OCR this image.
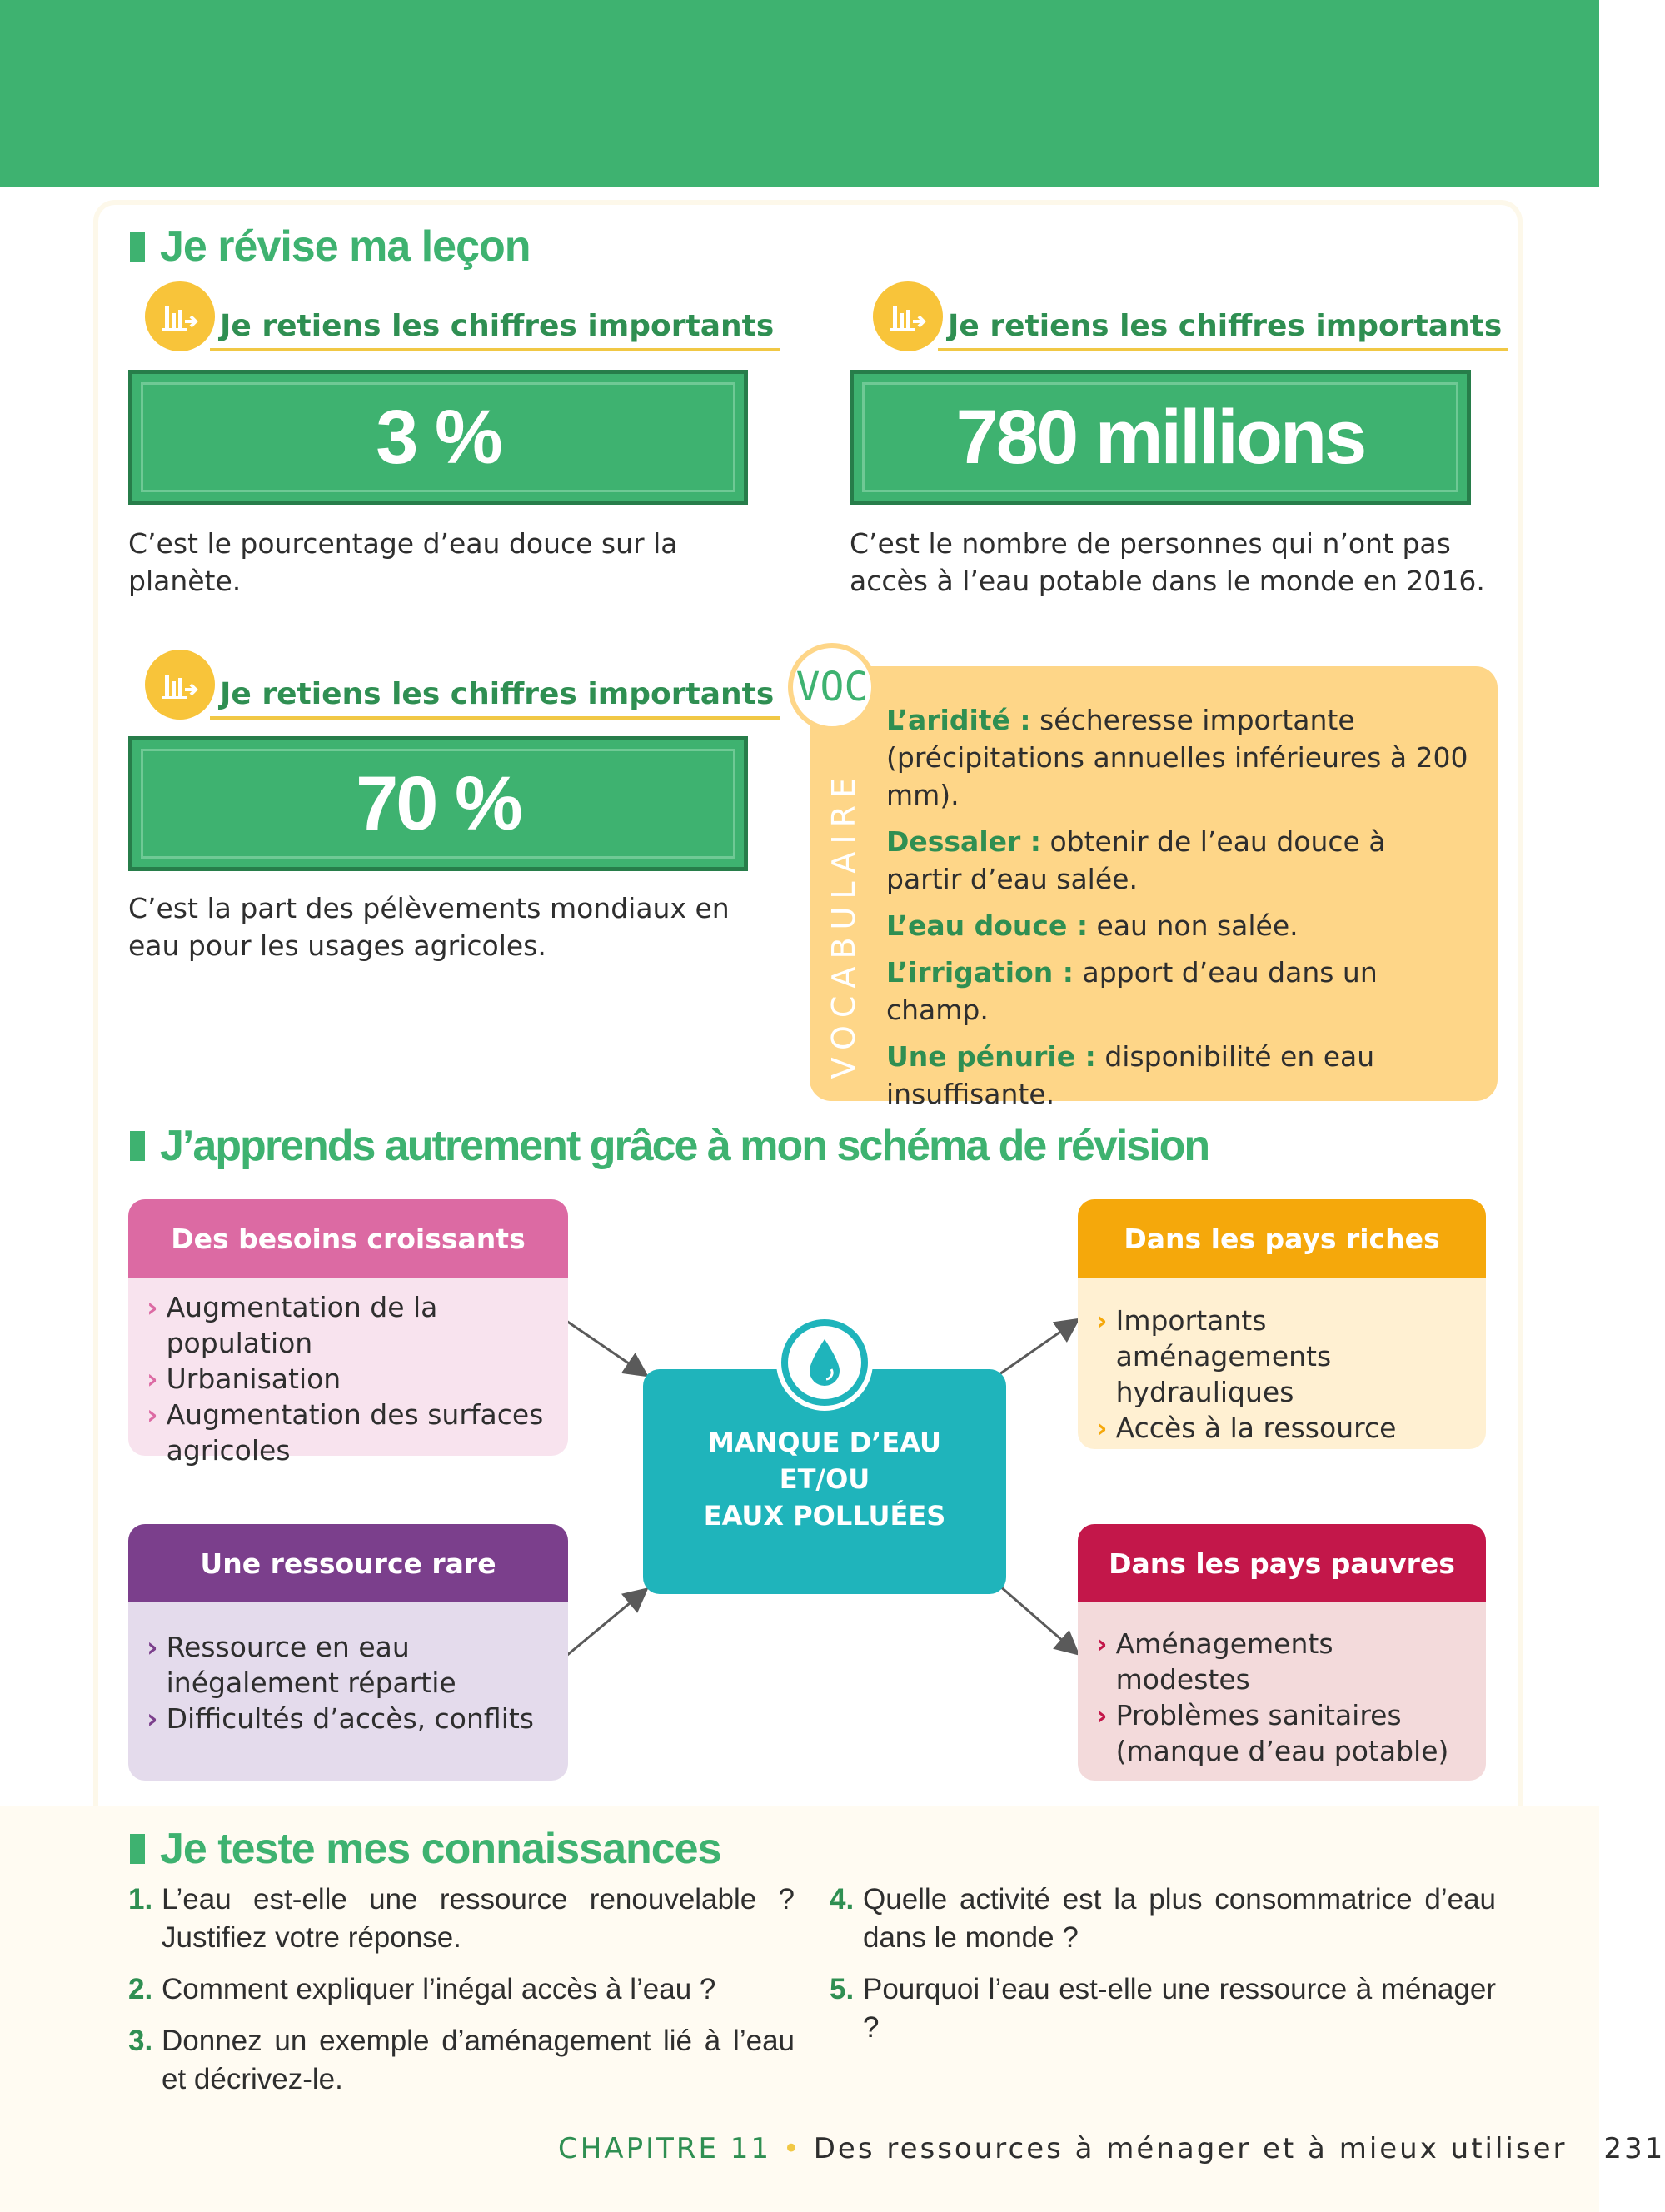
Je révise ma leçon
Je retiens les chiffres importants
3 %
C’est le pourcentage d’eau douce sur la planète.
Je retiens les chiffres importants
780 millions
C’est le nombre de personnes qui n’ont pas accès à l’eau potable dans le monde en 2016.
Je retiens les chiffres importants
70 %
C’est la part des pélèvements mondiaux en eau pour les usages agricoles.	VOCABULAIRE
VOC
L’aridité : sécheresse importante (précipitations annuelles inférieures à 200 mm).
Dessaler : obtenir de l’eau douce à partir d’eau salée.
L’eau douce : eau non salée.
L’irrigation : apport d’eau dans un champ.
Une pénurie : disponibilité en eau insuffisante.
J’apprends autrement grâce à mon schéma de révision
Des besoins croissants
› Augmentation de la population
› Urbanisation
› Augmentation des surfaces agricoles
Une ressource rare
› Ressource en eau inégalement répartie
› Difficultés d’accès, conflits
Dans les pays riches
› Importants aménagements hydrauliques
› Accès à la ressource
Dans les pays pauvres
› Aménagements modestes
› Problèmes sanitaires (manque d’eau potable)
MANQUE D’EAU
ET/OU
EAUX POLLUÉES
Je teste mes connaissances
1. L’eau est-elle une ressource renouvelable ? Justifiez votre réponse.
2. Comment expliquer l’inégal accès à l’eau ?
3. Donnez un exemple d’aménagement lié à l’eau et décrivez-le.
4. Quelle activité est la plus consommatrice d’eau dans le monde ?
5. Pourquoi l’eau est-elle une ressource à ménager ?
CHAPITRE 11 • Des ressources à ménager et à mieux utiliser 231
